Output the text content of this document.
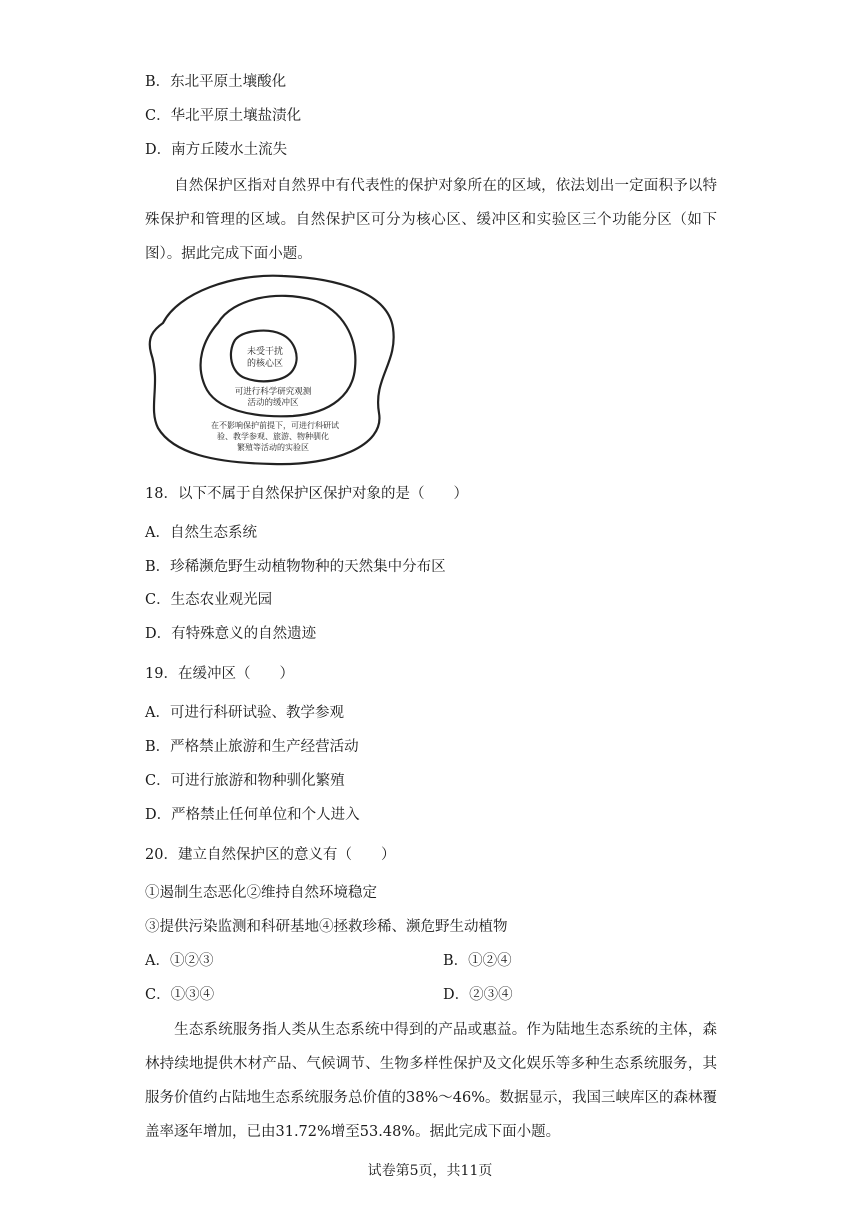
B．东北平原土壤酸化
C．华北平原土壤盐渍化
D．南方丘陵水土流失
自然保护区指对自然界中有代表性的保护对象所在的区域，依法划出一定面积予以特殊保护和管理的区域。自然保护区可分为核心区、缓冲区和实验区三个功能分区（如下图）。据此完成下面小题。
未受干扰
的核心区
可进行科学研究观测
活动的缓冲区
在不影响保护前提下，可进行科研试
验、教学参观、旅游、物种驯化
繁殖等活动的实验区
18．以下不属于自然保护区保护对象的是（　　）
A．自然生态系统
B．珍稀濒危野生动植物物种的天然集中分布区
C．生态农业观光园
D．有特殊意义的自然遗迹
19．在缓冲区（　　）
A．可进行科研试验、教学参观
B．严格禁止旅游和生产经营活动
C．可进行旅游和物种驯化繁殖
D．严格禁止任何单位和个人进入
20．建立自然保护区的意义有（　　）
①遏制生态恶化②维持自然环境稳定
③提供污染监测和科研基地④拯救珍稀、濒危野生动植物
A．①②③	B．①②④
C．①③④	D．②③④
生态系统服务指人类从生态系统中得到的产品或惠益。作为陆地生态系统的主体，森林持续地提供木材产品、气候调节、生物多样性保护及文化娱乐等多种生态系统服务，其服务价值约占陆地生态系统服务总价值的38%～46%。数据显示，我国三峡库区的森林覆盖率逐年增加，已由31.72%增至53.48%。据此完成下面小题。
试卷第5页，共11页
